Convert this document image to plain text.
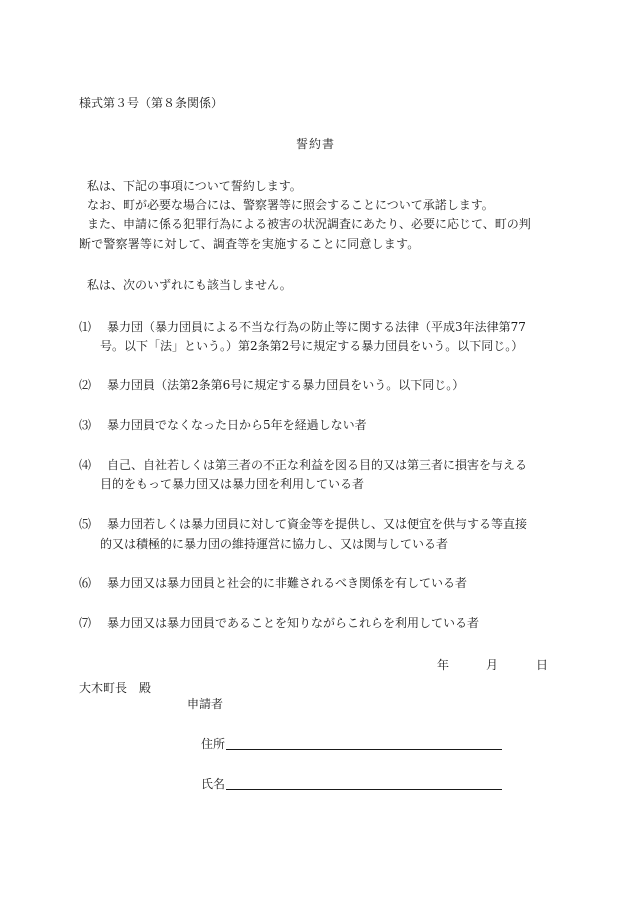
様式第３号（第８条関係）
誓約書
私は、下記の事項について誓約します。
なお、町が必要な場合には、警察署等に照会することについて承諾します。
また、申請に係る犯罪行為による被害の状況調査にあたり、必要に応じて、町の判
断で警察署等に対して、調査等を実施することに同意します。
私は、次のいずれにも該当しません。
⑴ 暴力団（暴力団員による不当な行為の防止等に関する法律（平成3年法律第77
号。以下「法」という。）第2条第2号に規定する暴力団員をいう。以下同じ。）
⑵ 暴力団員（法第2条第6号に規定する暴力団員をいう。以下同じ。）
⑶ 暴力団員でなくなった日から5年を経過しない者
⑷ 自己、自社若しくは第三者の不正な利益を図る目的又は第三者に損害を与える
目的をもって暴力団又は暴力団を利用している者
⑸ 暴力団若しくは暴力団員に対して資金等を提供し、又は便宜を供与する等直接
的又は積極的に暴力団の維持運営に協力し、又は関与している者
⑹ 暴力団又は暴力団員と社会的に非難されるべき関係を有している者
⑺ 暴力団又は暴力団員であることを知りながらこれらを利用している者
年	月	日
大木町長　殿
申請者
住所
氏名
